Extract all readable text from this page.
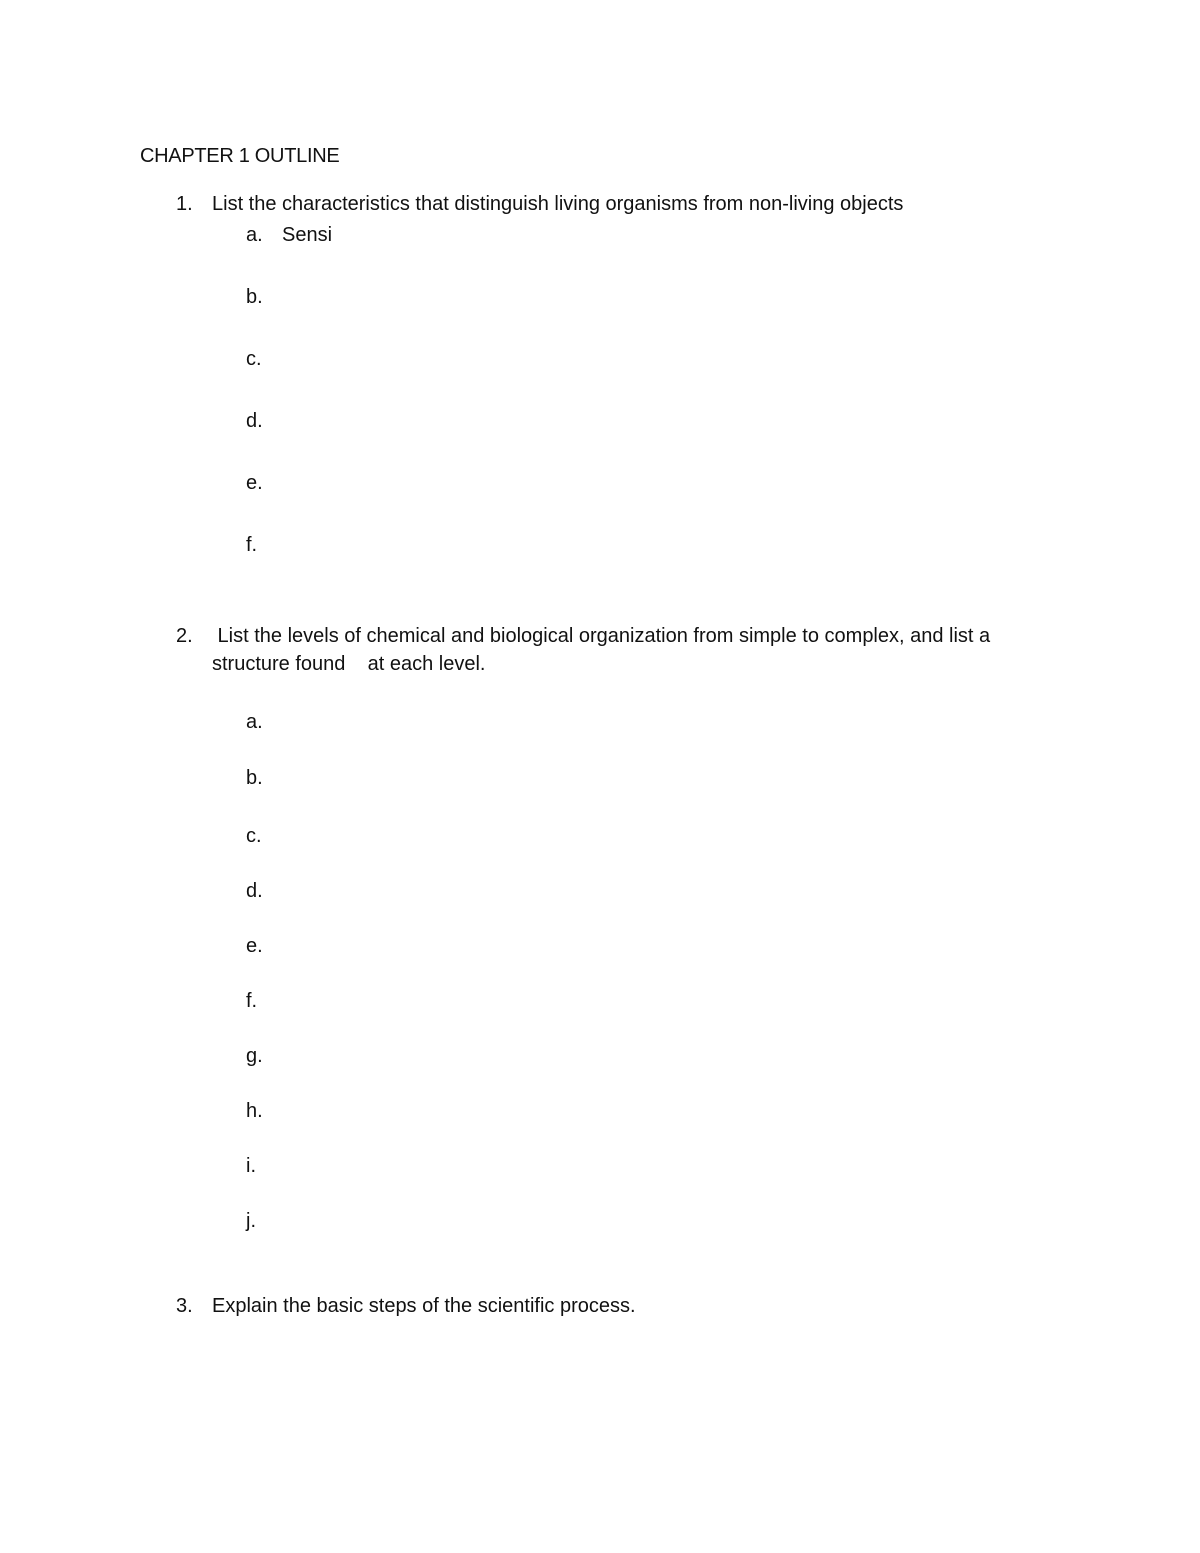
CHAPTER 1 OUTLINE

1. List the characteristics that distinguish living organisms from non-living objects

a. Sensi

b.

c.

d.

e.

f.

2. List the levels of chemical and biological organization from simple to complex, and list a

structure found    at each level.

a.

b.

c.

d.

e.

f.

g.

h.

i.

j.

3. Explain the basic steps of the scientific process.
